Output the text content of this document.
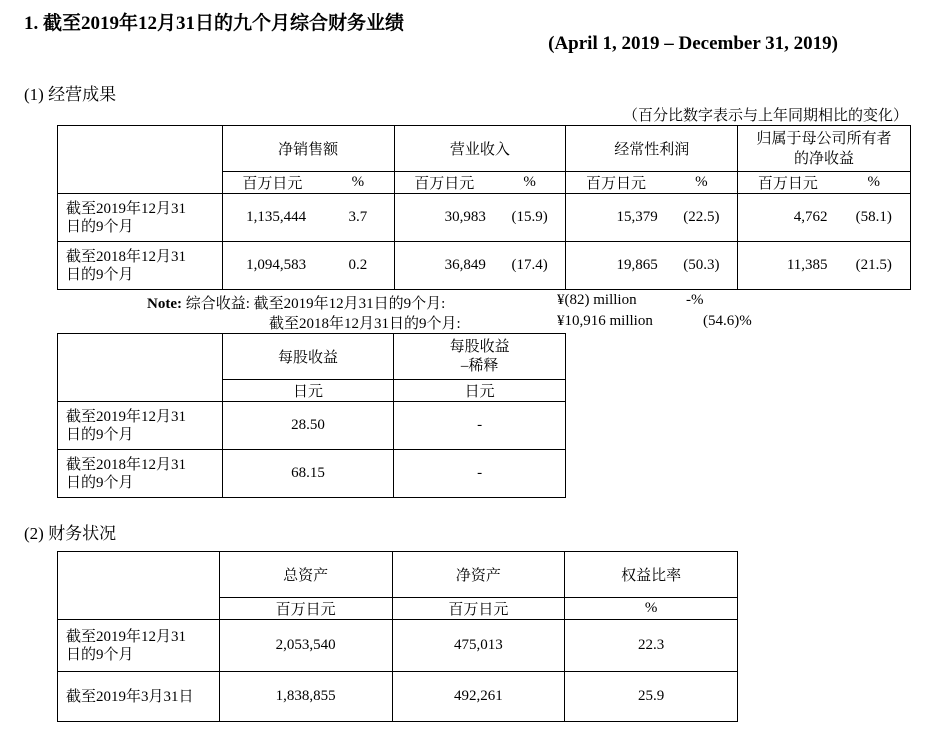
1. 截至2019年12月31日的九个月综合财务业绩
(April 1, 2019 – December 31, 2019)
(1) 经营成果
（百分比数字表示与上年同期相比的变化）
	净销售额		营业收入		经常性利润		归属于母公司所有者
的净收益	

	百万日元	%	百万日元	%	百万日元	%	百万日元	%

截至2019年12月31
日的9个月	1,135,444	3.7	30,983	(15.9)	15,379	(22.5)	4,762	(58.1)

截至2018年12月31
日的9个月	1,094,583	0.2	36,849	(17.4)	19,865	(50.3)	11,385	(21.5)
Note: 综合收益: 截至2019年12月31日的9个月:	¥(82) million	-%
截至2018年12月31日的9个月:	¥10,916 million	(54.6)%
	每股收益	每股收益
–稀释

	日元	日元

截至2019年12月31
日的9个月	28.50	-

截至2018年12月31
日的9个月	68.15	-
(2) 财务状况
	总资产	净资产	权益比率
	百万日元	百万日元	%

截至2019年12月31
日的9个月	2,053,540	475,013	22.3

截至2019年3月31日	1,838,855	492,261	25.9
